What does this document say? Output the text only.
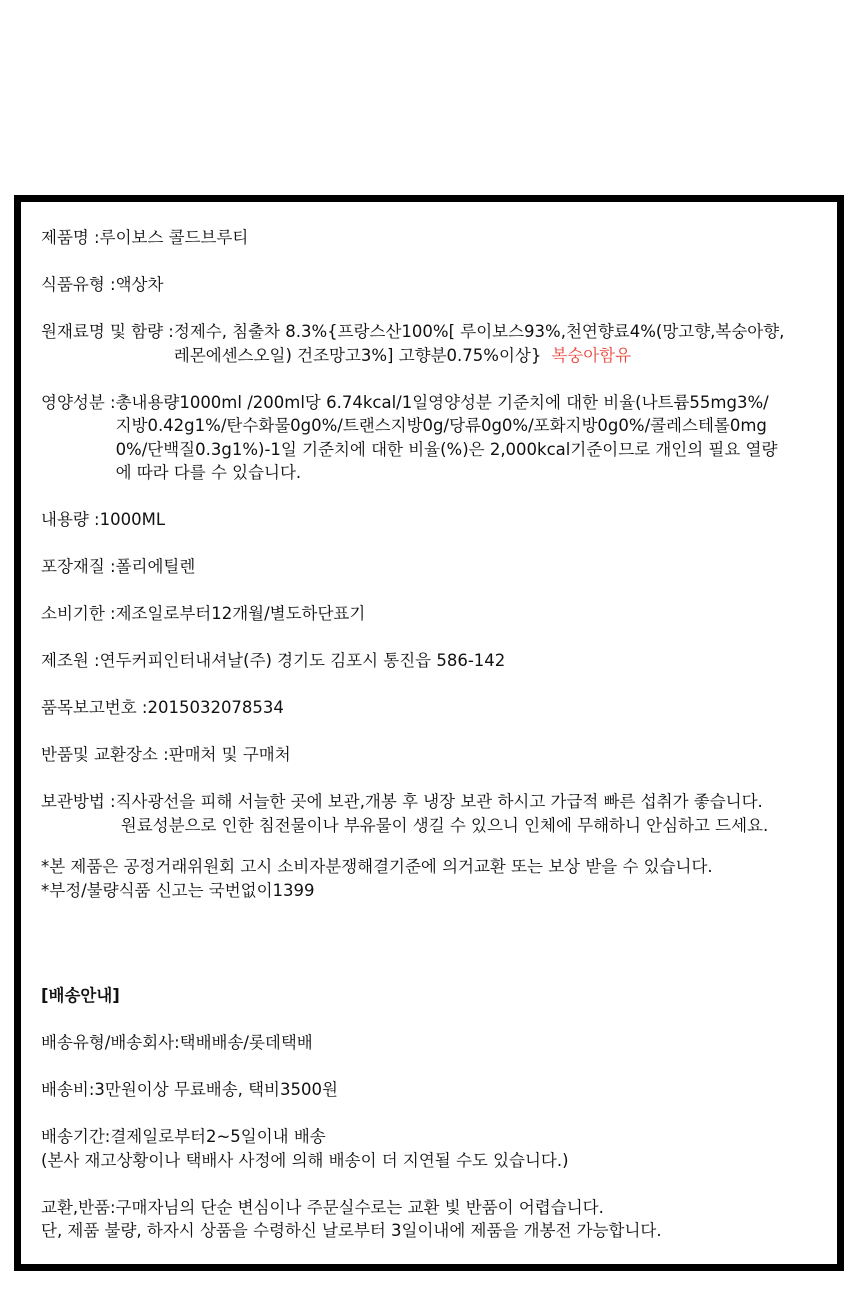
제품명 : 루이보스 콜드브루티
식품유형 : 액상차
원재료명 및 함량 : 정제수, 침출차 8.3%{프랑스산100%[ 루이보스93%,천연향료4%(망고향,복숭아향,
레몬에센스오일) 건조망고3%] 고향분0.75%이상} 복숭아함유
영양성분 : 총내용량1000ml /200ml당 6.74kcal/1일영양성분 기준치에 대한 비율(나트륨55mg3%/
지방0.42g1%/탄수화물0g0%/트랜스지방0g/당류0g0%/포화지방0g0%/콜레스테롤0mg
0%/단백질0.3g1%)-1일 기준치에 대한 비율(%)은 2,000kcal기준이므로 개인의 필요 열량
에 따라 다를 수 있습니다.
내용량 : 1000ML
포장재질 : 폴리에틸렌
소비기한 : 제조일로부터12개월/별도하단표기
제조원 : 연두커피인터내셔날(주) 경기도 김포시 통진읍 586-142
품목보고번호 : 2015032078534
반품및 교환장소 : 판매처 및 구매처
보관방법 : 직사광선을 피해 서늘한 곳에 보관,개봉 후 냉장 보관 하시고 가급적 빠른 섭취가 좋습니다.
원료성분으로 인한 침전물이나 부유물이 생길 수 있으니 인체에 무해하니 안심하고 드세요.
*본 제품은 공정거래위원회 고시 소비자분쟁해결기준에 의거교환 또는 보상 받을 수 있습니다.
*부정/불량식품 신고는 국번없이1399
[배송안내]
배송유형/배송회사:택배배송/롯데택배
배송비:3만원이상 무료배송, 택비3500원
배송기간:결제일로부터2~5일이내 배송
(본사 재고상황이나 택배사 사정에 의해 배송이 더 지연될 수도 있습니다.)
교환,반품:구매자님의 단순 변심이나 주문실수로는 교환 빛 반품이 어렵습니다.
단, 제품 불량, 하자시 상품을 수령하신 날로부터 3일이내에 제품을 개봉전 가능합니다.
